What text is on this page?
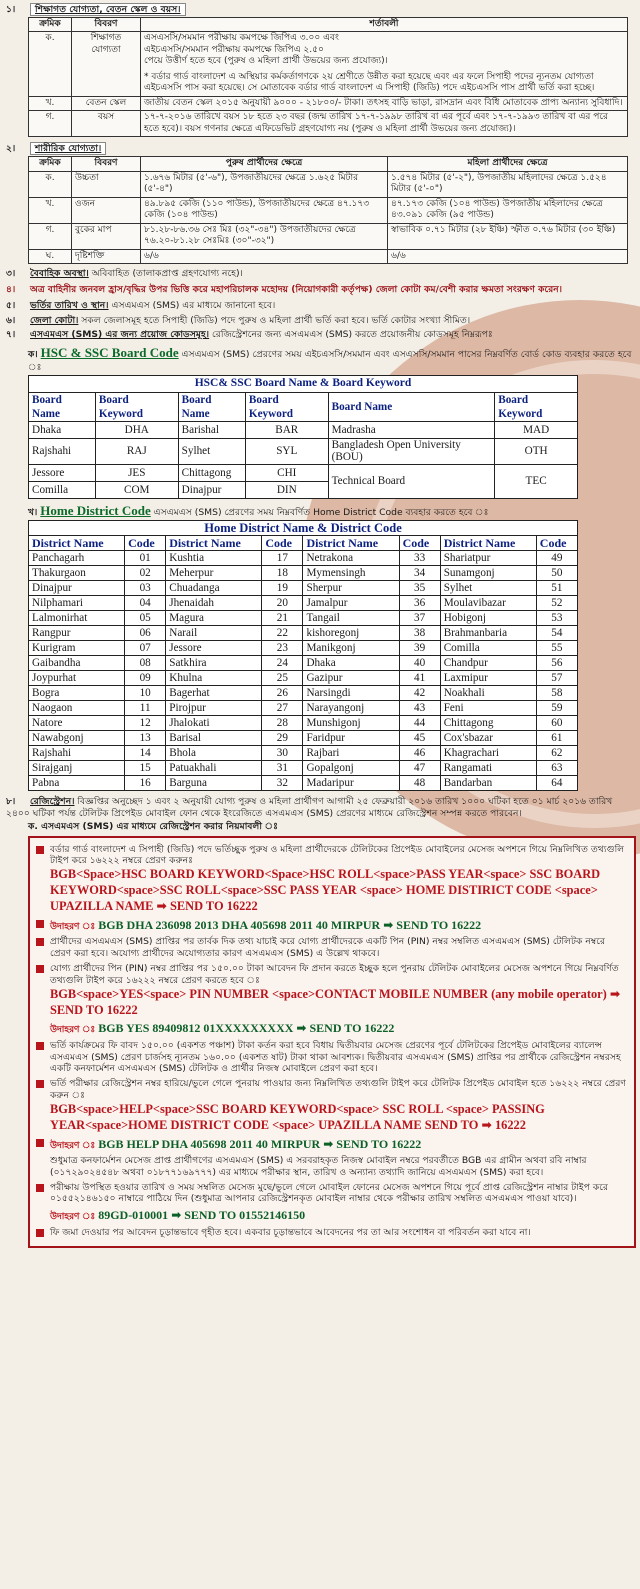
১। শিক্ষাগত যোগ্যতা, বেতন স্কেল ও বয়স।
ক্রমিক	বিবরণ	শর্তাবলী
ক.	শিক্ষাগত যোগ্যতা	এসএসসি/সমমান পরীক্ষায় কমপক্ষে জিপিএ ৩.০০ এবং
এইচএসসি/সমমান পরীক্ষায় কমপক্ষে জিপিএ ২.৫০
পেয়ে উত্তীর্ণ হতে হবে (পুরুষ ও মহিলা প্রার্থী উভয়ের জন্য প্রযোজ্য)।
* বর্ডার গার্ড বাংলাদেশ এ অস্থিয়ার কর্মকর্তাগণকে ২য় শ্রেণীতে উন্নীত করা হয়েছে এবং এর ফলে সিপাহী পদের ন্যূনতম যোগ্যতা এইচএসসি পাস করা হয়েছে। সে মোতাবেক বর্ডার গার্ড বাংলাদেশ এ সিপাহী (জিডি) পদে এইচএসসি পাস প্রার্থী ভর্তি করা হচ্ছে।

খ.	বেতন স্কেল	জাতীয় বেতন স্কেল ২০১৫ অনুযায়ী ৯০০০ - ২১৮০০/- টাকা। তৎসহ বাড়ি ভাড়া, রাসদ্রান এবং বিধি মোতাবেক প্রাপ্য অন্যান্য সুবিধাদি।
গ.	বয়স	১৭-৭-২০১৬ তারিখে বয়স ১৮ হতে ২৩ বছর (জন্ম তারিখ ১৭-৭-১৯৯৮ তারিখ বা এর পূর্বে এবং ১৭-৭-১৯৯৩ তারিখ বা এর পরে হতে হবে)। বয়স গণনার ক্ষেত্রে এফিডেভিট গ্রহণযোগ্য নয় (পুরুষ ও মহিলা প্রার্থী উভয়ের জন্য প্রযোজ্য)।
২। শারীরিক যোগ্যতা।
ক্রমিক	বিবরণ	পুরুষ প্রার্থীদের ক্ষেত্রে	মহিলা প্রার্থীদের ক্ষেত্রে
ক.	উচ্চতা	১.৬৭৬ মিটার (৫'-৬"), উপজাতীয়দের ক্ষেত্রে ১.৬২৫ মিটার (৫'-৪")	১.৫৭৪ মিটার (৫'-২"), উপজাতীয় মহিলাদের ক্ষেত্রে ১.৫২৪ মিটার (৫'-০")
খ.	ওজন	৪৯.৮৯৫ কেজি (১১০ পাউন্ড), উপজাতীয়দের ক্ষেত্রে ৪৭.১৭৩ কেজি (১০৪ পাউন্ড)	৪৭.১৭৩ কেজি (১০৪ পাউন্ড) উপজাতীয় মহিলাদের ক্ষেত্রে ৪৩.০৯১ কেজি (৯৫ পাউন্ড)
গ.	বুকের মাপ	৮১.২৮-৮৬.৩৬ সেঃ মিঃ (৩২"-৩৪") উপজাতীয়দের ক্ষেত্রে ৭৬.২০-৮১.২৮ সেঃমিঃ (৩০"-৩২")	স্বাভাবিক ০.৭১ মিটার (২৮ ইঞ্চি) স্ফীত ০.৭৬ মিটার (৩০ ইঞ্চি)
ঘ.	দৃষ্টিশক্তি	৬/৬	৬/৬
৩। বৈবাহিক অবস্থা। অবিবাহিত (তালাকপ্রাপ্ত গ্রহণযোগ্য নহে)।
৪। অত্র বাহিনীর জনবল হ্রাস/বৃদ্ধির উপর ভিত্তি করে মহাপরিচালক মহোদয় (নিয়োগকারী কর্তৃপক্ষ) জেলা কোটা কম/বেশী করার ক্ষমতা সংরক্ষণ করেন।
৫। ভর্তির তারিখ ও স্থান। এসএমএস (SMS) এর মাধ্যমে জানানো হবে।
৬। জেলা কোটা। সকল জেলাসমূহ হতে সিপাহী (জিডি) পদে পুরুষ ও মহিলা প্রার্থী ভর্তি করা হবে। ভর্তি কোটার সংখ্যা সীমিত।
৭। এসএমএস (SMS) এর জন্য প্রয়োজ কোডসমূহ। রেজিস্ট্রেশনের জন্য এসএমএস (SMS) করতে প্রয়োজনীয় কোডসমূহ নিম্নরূপঃ
ক। HSC & SSC Board Code এসএমএস (SMS) প্রেরণের সময় এইচএসসি/সমমান এবং এসএসসি/সমমান পাসের নিম্নবর্ণিত বোর্ড কোড ব্যবহার করতে হবে ঃ
HSC& SSC Board Name & Board Keyword					
Board Name	Board Keyword	Board Name	Board Keyword	Board Name	Board Keyword
Dhaka	DHA	Barishal	BAR	Madrasha	MAD
Rajshahi	RAJ	Sylhet	SYL	Bangladesh Open University (BOU)	OTH
Jessore	JES	Chittagong	CHI	Technical Board	TEC
Comilla	COM	Dinajpur	DIN		
খ। Home District Code এসএমএস (SMS) প্রেরণের সময় নিম্নবর্ণিত Home District Code ব্যবহার করতে হবে ঃ
Home District Name & District Code							
District Name	Code	District Name	Code	District Name	Code	District Name	Code
Panchagarh	01	Kushtia	17	Netrakona	33	Shariatpur	49
Thakurgaon	02	Meherpur	18	Mymensingh	34	Sunamgonj	50
Dinajpur	03	Chuadanga	19	Sherpur	35	Sylhet	51
Nilphamari	04	Jhenaidah	20	Jamalpur	36	Moulavibazar	52
Lalmonirhat	05	Magura	21	Tangail	37	Hobigonj	53
Rangpur	06	Narail	22	kishoregonj	38	Brahmanbaria	54
Kurigram	07	Jessore	23	Manikgonj	39	Comilla	55
Gaibandha	08	Satkhira	24	Dhaka	40	Chandpur	56
Joypurhat	09	Khulna	25	Gazipur	41	Laxmipur	57
Bogra	10	Bagerhat	26	Narsingdi	42	Noakhali	58
Naogaon	11	Pirojpur	27	Narayangonj	43	Feni	59
Natore	12	Jhalokati	28	Munshigonj	44	Chittagong	60
Nawabgonj	13	Barisal	29	Faridpur	45	Cox'sbazar	61
Rajshahi	14	Bhola	30	Rajbari	46	Khagrachari	62
Sirajganj	15	Patuakhali	31	Gopalgonj	47	Rangamati	63
Pabna	16	Barguna	32	Madaripur	48	Bandarban	64
৮। রেজিস্ট্রেশন। বিজ্ঞপ্তির অনুচ্ছেদ ১ এবং ২ অনুযায়ী যোগ্য পুরুষ ও মহিলা প্রার্থীগণ আগামী ২৫ ফেব্রুয়ারী ২০১৬ তারিখ ১০০০ ঘটিকা হতে ০১ মার্চ ২০১৬ তারিখ ২৪০০ ঘটিকা পর্যন্ত টেলিটক প্রিপেইড মোবাইল ফোন থেকে ইংরেজিতে এসএমএস (SMS) প্রেরণের মাধ্যমে রেজিস্ট্রেশন সম্পন্ন করতে পারবেন।
ক. এসএমএস (SMS) এর মাধ্যমে রেজিস্ট্রেশন করার নিয়মাবলী ঃ
বর্ডার গার্ড বাংলাদেশ এ সিপাহী (জিডি) পদে ভর্তিচ্ছুক পুরুষ ও মহিলা প্রার্থীদেরকে টেলিটকের প্রিপেইড মোবাইলের মেসেজ অপশনে গিয়ে নিম্নলিখিত তথ্যগুলি টাইপ করে ১৬২২২ নম্বরে প্রেরণ করুনঃ
BGB<Space>HSC BOARD KEYWORD<Space>HSC ROLL<space>PASS YEAR<space> SSC BOARD KEYWORD<space>SSC ROLL<space>SSC PASS YEAR <space> HOME DISTIRICT CODE <space> UPAZILLA NAME ➡ SEND TO 16222
উদাহরণ ঃ BGB DHA 236098 2013 DHA 405698 2011 40 MIRPUR ➡ SEND TO 16222
প্রার্থীদের এসএমএস (SMS) প্রাপ্তির পর তার্বক দিক তথ্য যাচাই করে যোগ্য প্রার্থীদেরকে একটি পিন (PIN) নম্বর সম্বলিত এসএমএস (SMS) টেলিটক নম্বরে প্রেরণ করা হবে। অযোগ্য প্রার্থীদের অযোগ্যতার কারণ এসএমএস (SMS) এ উল্লেখ থাকবে।
যোগ্য প্রার্থীদের পিন (PIN) নম্বর প্রাপ্তির পর ১৫০.০০ টাকা আবেদন ফি প্রদান করতে ইচ্ছুক হলে পুনরায় টেলিটক মোবাইলের মেসেজ অপশনে গিয়ে নিম্নবর্ণিত তথ্যগুলি টাইপ করে ১৬২২২ নম্বরে প্রেরণ করতে হবে ঃ
BGB<space>YES<space> PIN NUMBER <space>CONTACT MOBILE NUMBER (any mobile operator) ➡ SEND TO 16222
উদাহরণ ঃ BGB YES 89409812 01XXXXXXXXX ➡ SEND TO 16222
ভর্তি কার্যক্রমের ফি বাবদ ১৫০.০০ (একশত পঞ্চাশ) টাকা কর্তন করা হবে বিধায় দ্বিতীয়বার মেসেজ প্রেরণের পূর্বে টেলিটকের প্রিপেইড মোবাইলের ব্যালেন্স এসএমএস (SMS) প্রেরণ চার্জসহ ন্যূনতম ১৬০.০০ (একশত ষাট) টাকা থাকা আবশ্যক। দ্বিতীয়বার এসএমএস (SMS) প্রাপ্তির পর প্রার্থীকে রেজিস্ট্রেশন নম্বরসহ একটি কনফার্মেশন এসএমএস (SMS) টেলিটক ও প্রার্থীর নিজস্ব মোবাইলে প্রেরণ করা হবে।
ভর্তি পরীক্ষার রেজিস্ট্রেশন নম্বর হারিয়ে/ভুলে গেলে পুনরায় পাওয়ার জন্য নিম্নলিখিত তথ্যগুলি টাইপ করে টেলিটক প্রিপেইড মোবাইল হতে ১৬২২২ নম্বরে প্রেরণ করুন ঃ
BGB<space>HELP<space>SSC BOARD KEYWORD<space> SSC ROLL <space> PASSING YEAR<space>HOME DISTRICT CODE <space> UPAZILLA NAME SEND TO ➡ 16222
উদাহরণ ঃ BGB HELP DHA 405698 2011 40 MIRPUR ➡ SEND TO 16222
শুধুমাত্র কনফার্মেশন মেসেজ প্রাপ্ত প্রার্থীগণের এসএমএস (SMS) এ সরবরাহকৃত নিজস্ব মোবাইল নম্বরে পরবর্তীতে BGB এর গ্রামীন অথবা রবি নাম্বার (০১৭২৯০২৪৫৪৮ অথবা ০১৮৭৭১৬৯৭৭৭) এর মাধ্যমে পরীক্ষার স্থান, তারিখ ও অন্যান্য তথ্যাদি জানিয়ে এসএমএস (SMS) করা হবে।
পরীক্ষায় উপস্থিত হওয়ার তারিখ ও সময় সম্বলিত মেসেজ মুছে/ভুলে গেলে মোবাইল ফোনের মেসেজ অপশনে গিয়ে পূর্বে প্রাপ্ত রেজিস্ট্রেশন নাম্বার টাইপ করে ০১৫৫২১৪৬১৫০ নাম্বারে পাঠিয়ে দিন (শুধুমাত্র আপনার রেজিস্ট্রেশনকৃত মোবাইল নাম্বার থেকে পরীক্ষার তারিখ সম্বলিত এসএমএস পাওয়া যাবে)।
উদাহরণ ঃ 89GD-010001 ➡ SEND TO 01552146150
ফি জমা দেওয়ার পর আবেদন চূড়ান্তভাবে গৃহীত হবে। একবার চূড়ান্তভাবে আবেদনের পর তা আর সংশোধন বা পরিবর্তন করা যাবে না।
